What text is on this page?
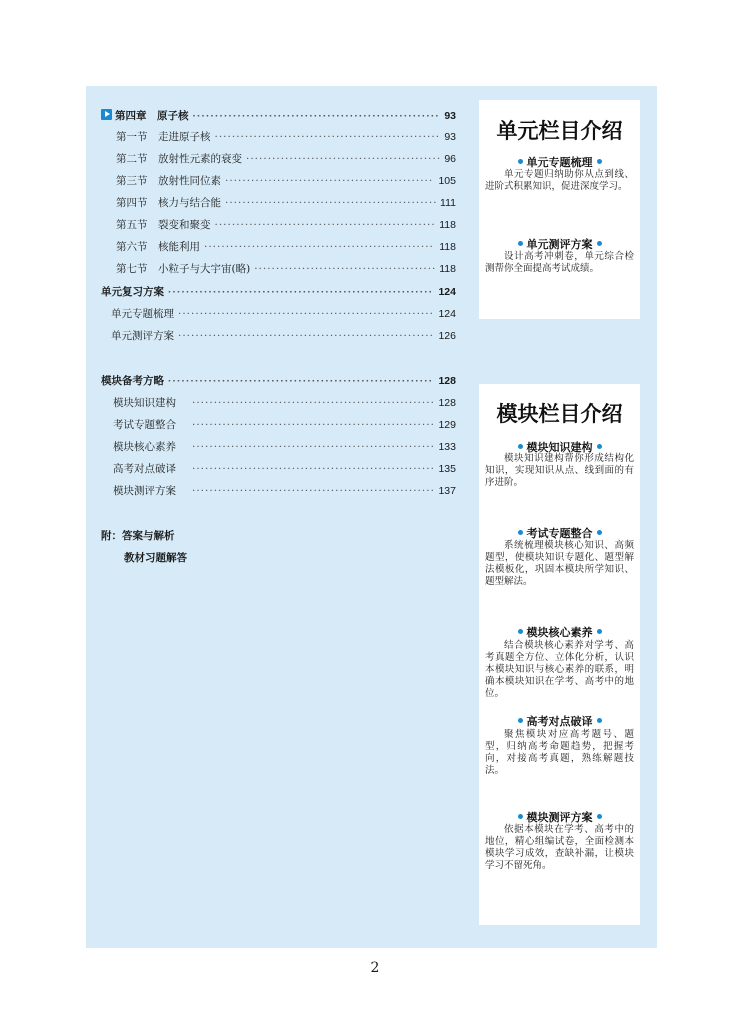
第四章　原子核 ·····	93
第一节	走进原子核 ·····	93
第二节	放射性元素的衰变 ·····	96
第三节	放射性同位素 ·····	105
第四节	核力与结合能 ·····	111
第五节	裂变和聚变 ·····	118
第六节	核能利用 ·····	118
第七节	小粒子与大宇宙(略) ·····	118
单元复习方案 ·····	124
单元专题梳理 ·····	124
单元测评方案 ·····	126
模块备考方略 ·····	128
模块知识建构 ·····	128
考试专题整合 ·····	129
模块核心素养 ·····	133
高考对点破译 ·····	135
模块测评方案 ·····	137
附：答案与解析
教材习题解答
单元栏目介绍
单元专题梳理
单元专题归纳助你从点到线、进阶式积累知识，促进深度学习。
单元测评方案
设计高考冲刺卷，单元综合检测帮你全面提高考试成绩。
模块栏目介绍
模块知识建构
模块知识建构帮你形成结构化知识，实现知识从点、线到面的有序进阶。
考试专题整合
系统梳理模块核心知识、高频题型，使模块知识专题化、题型解法模板化，巩固本模块所学知识、题型解法。
模块核心素养
结合模块核心素养对学考、高考真题全方位、立体化分析，认识本模块知识与核心素养的联系，明确本模块知识在学考、高考中的地位。
高考对点破译
聚焦模块对应高考题号、题型，归纳高考命题趋势，把握考向，对接高考真题，熟练解题技法。
模块测评方案
依据本模块在学考、高考中的地位，精心组编试卷，全面检测本模块学习成效，查缺补漏，让模块学习不留死角。
2
